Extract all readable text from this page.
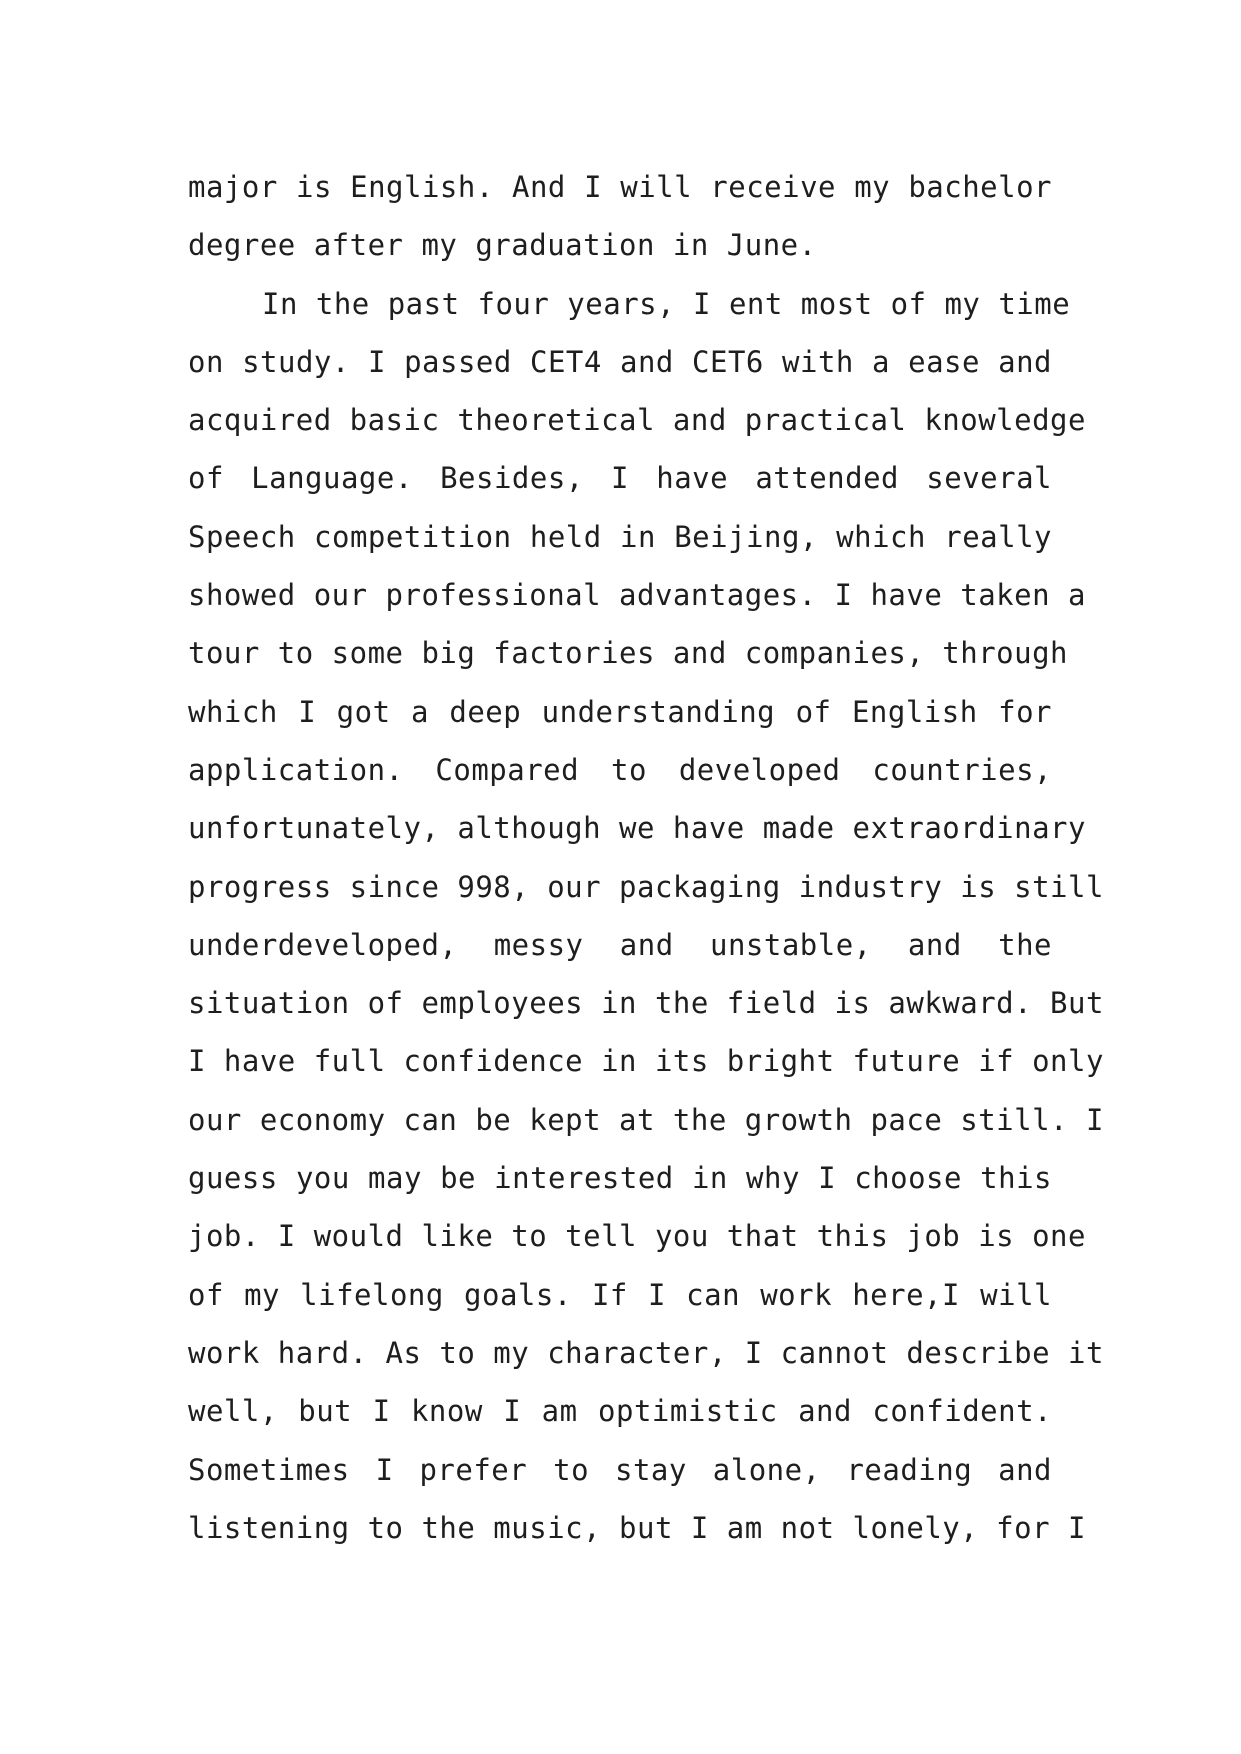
major is English. And I will receive my bachelor
degree after my graduation in June.
In the past four years, I ent most of my time
on study. I passed CET4 and CET6 with a ease and
acquired basic theoretical and practical knowledge
of Language. Besides, I have attended several
Speech competition held in Beijing, which really
showed our professional advantages. I have taken a
tour to some big factories and companies, through
which I got a deep understanding of English for
application. Compared to developed countries,
unfortunately, although we have made extraordinary
progress since 998, our packaging industry is still
underdeveloped, messy and unstable, and the
situation of employees in the field is awkward. But
I have full confidence in its bright future if only
our economy can be kept at the growth pace still. I
guess you may be interested in why I choose this
job. I would like to tell you that this job is one
of my lifelong goals. If I can work here,I will
work hard. As to my character, I cannot describe it
well, but I know I am optimistic and confident.
Sometimes I prefer to stay alone, reading and
listening to the music, but I am not lonely, for I
